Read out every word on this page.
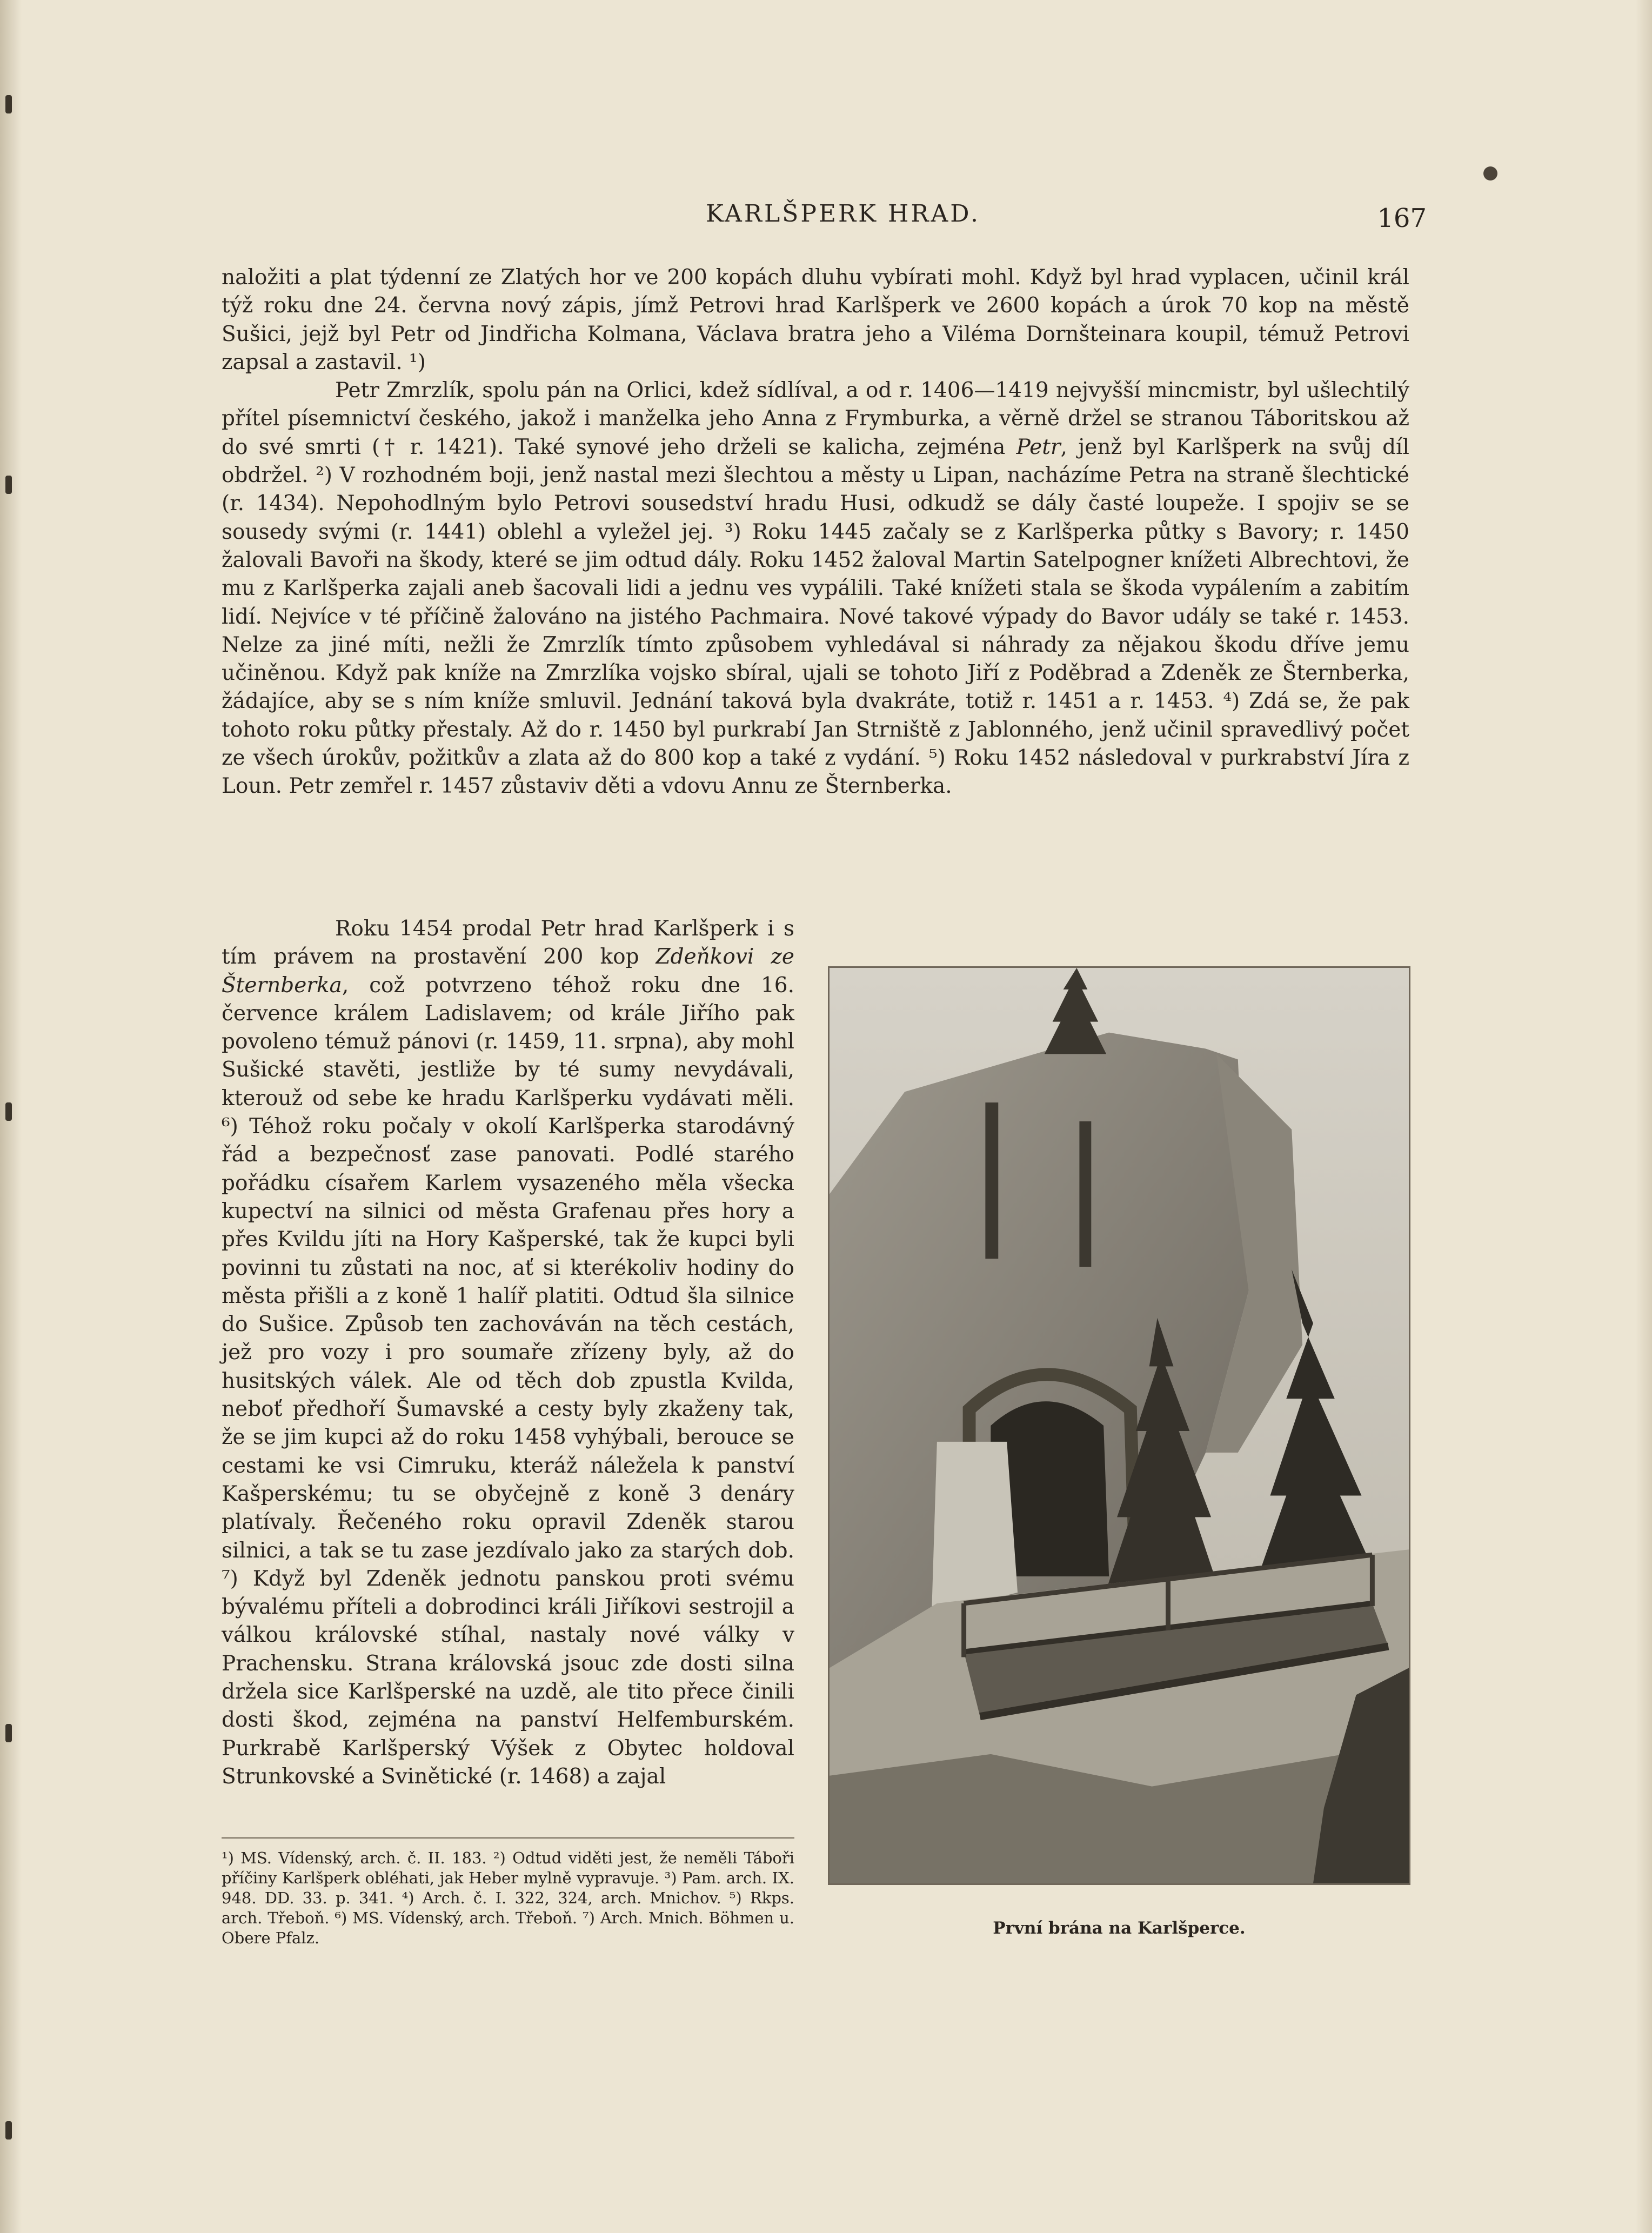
KARLŠPERK HRAD.	167

naložiti a plat týdenní ze Zlatých hor ve 200 kopách dluhu vybírati mohl. Když byl hrad vyplacen, učinil král týž roku dne 24. června nový zápis, jímž Petrovi hrad Karlšperk ve 2600 kopách a úrok 70 kop na městě Sušici, jejž byl Petr od Jindřicha Kolmana, Václava bratra jeho a Viléma Dornšteinara koupil, témuž Petrovi zapsal a zastavil. ¹)

Petr Zmrzlík, spolu pán na Orlici, kdež sídlíval, a od r. 1406—1419 nejvyšší mincmistr, byl ušlechtilý přítel písemnictví českého, jakož i manželka jeho Anna z Frymburka, a věrně držel se stranou Táboritskou až do své smrti († r. 1421). Také synové jeho drželi se kalicha, zejména Petr, jenž byl Karlšperk na svůj díl obdržel. ²) V rozhodném boji, jenž nastal mezi šlechtou a městy u Lipan, nacházíme Petra na straně šlechtické (r. 1434). Nepohodlným bylo Petrovi sousedství hradu Husi, odkudž se dály časté loupeže. I spojiv se se sousedy svými (r. 1441) oblehl a vyležel jej. ³) Roku 1445 začaly se z Karlšperka půtky s Bavory; r. 1450 žalovali Bavoři na škody, které se jim odtud dály. Roku 1452 žaloval Martin Satelpogner knížeti Albrechtovi, že mu z Karlšperka zajali aneb šacovali lidi a jednu ves vypálili. Také knížeti stala se škoda vypálením a zabitím lidí. Nejvíce v té příčině žalováno na jistého Pachmaira. Nové takové výpady do Bavor udály se také r. 1453. Nelze za jiné míti, nežli že Zmrzlík tímto způsobem vyhledával si náhrady za nějakou škodu dříve jemu učiněnou. Když pak kníže na Zmrzlíka vojsko sbíral, ujali se tohoto Jiří z Poděbrad a Zdeněk ze Šternberka, žádajíce, aby se s ním kníže smluvil. Jednání taková byla dvakráte, totiž r. 1451 a r. 1453. ⁴) Zdá se, že pak tohoto roku půtky přestaly. Až do r. 1450 byl purkrabí Jan Strniště z Jablonného, jenž učinil spravedlivý počet ze všech úrokův, požitkův a zlata až do 800 kop a také z vydání. ⁵) Roku 1452 následoval v purkrabství Jíra z Loun. Petr zemřel r. 1457 zůstaviv děti a vdovu Annu ze Šternberka.

Roku 1454 prodal Petr hrad Karlšperk i s tím právem na prostavění 200 kop Zdeňkovi ze Šternberka, což potvrzeno téhož roku dne 16. července králem Ladislavem; od krále Jiřího pak povoleno témuž pánovi (r. 1459, 11. srpna), aby mohl Sušické stavěti, jestliže by té sumy nevydávali, kterouž od sebe ke hradu Karlšperku vydávati měli. ⁶) Téhož roku počaly v okolí Karlšperka starodávný řád a bezpečnosť zase panovati. Podlé starého pořádku císařem Karlem vysazeného měla všecka kupectví na silnici od města Grafenau přes hory a přes Kvildu jíti na Hory Kašperské, tak že kupci byli povinni tu zůstati na noc, ať si kterékoliv hodiny do města přišli a z koně 1 halíř platiti. Odtud šla silnice do Sušice. Způsob ten zachováván na těch cestách, jež pro vozy i pro soumaře zřízeny byly, až do husitských válek. Ale od těch dob zpustla Kvilda, neboť předhoří Šumavské a cesty byly zkaženy tak, že se jim kupci až do roku 1458 vyhýbali, berouce se cestami ke vsi Cimruku, kteráž náležela k panství Kašperskému; tu se obyčejně z koně 3 denáry platívaly. Řečeného roku opravil Zdeněk starou silnici, a tak se tu zase jezdívalo jako za starých dob. ⁷) Když byl Zdeněk jednotu panskou proti svému bývalému příteli a dobrodinci králi Jiříkovi sestrojil a válkou královské stíhal, nastaly nové války v Prachensku. Strana královská jsouc zde dosti silna držela sice Karlšperské na uzdě, ale tito přece činili dosti škod, zejména na panství Helfemburském. Purkrabě Karlšperský Výšek z Obytec holdoval Strunkovské a Svinětické (r. 1468) a zajal

¹) MS. Vídenský, arch. č. II. 183. ²) Odtud viděti jest, že neměli Táboři příčiny Karlšperk obléhati, jak Heber mylně vypravuje. ³) Pam. arch. IX. 948. DD. 33. p. 341. ⁴) Arch. č. I. 322, 324, arch. Mnichov. ⁵) Rkps. arch. Třeboň. ⁶) MS. Vídenský, arch. Třeboň. ⁷) Arch. Mnich. Böhmen u. Obere Pfalz.	První brána na Karlšperce.
